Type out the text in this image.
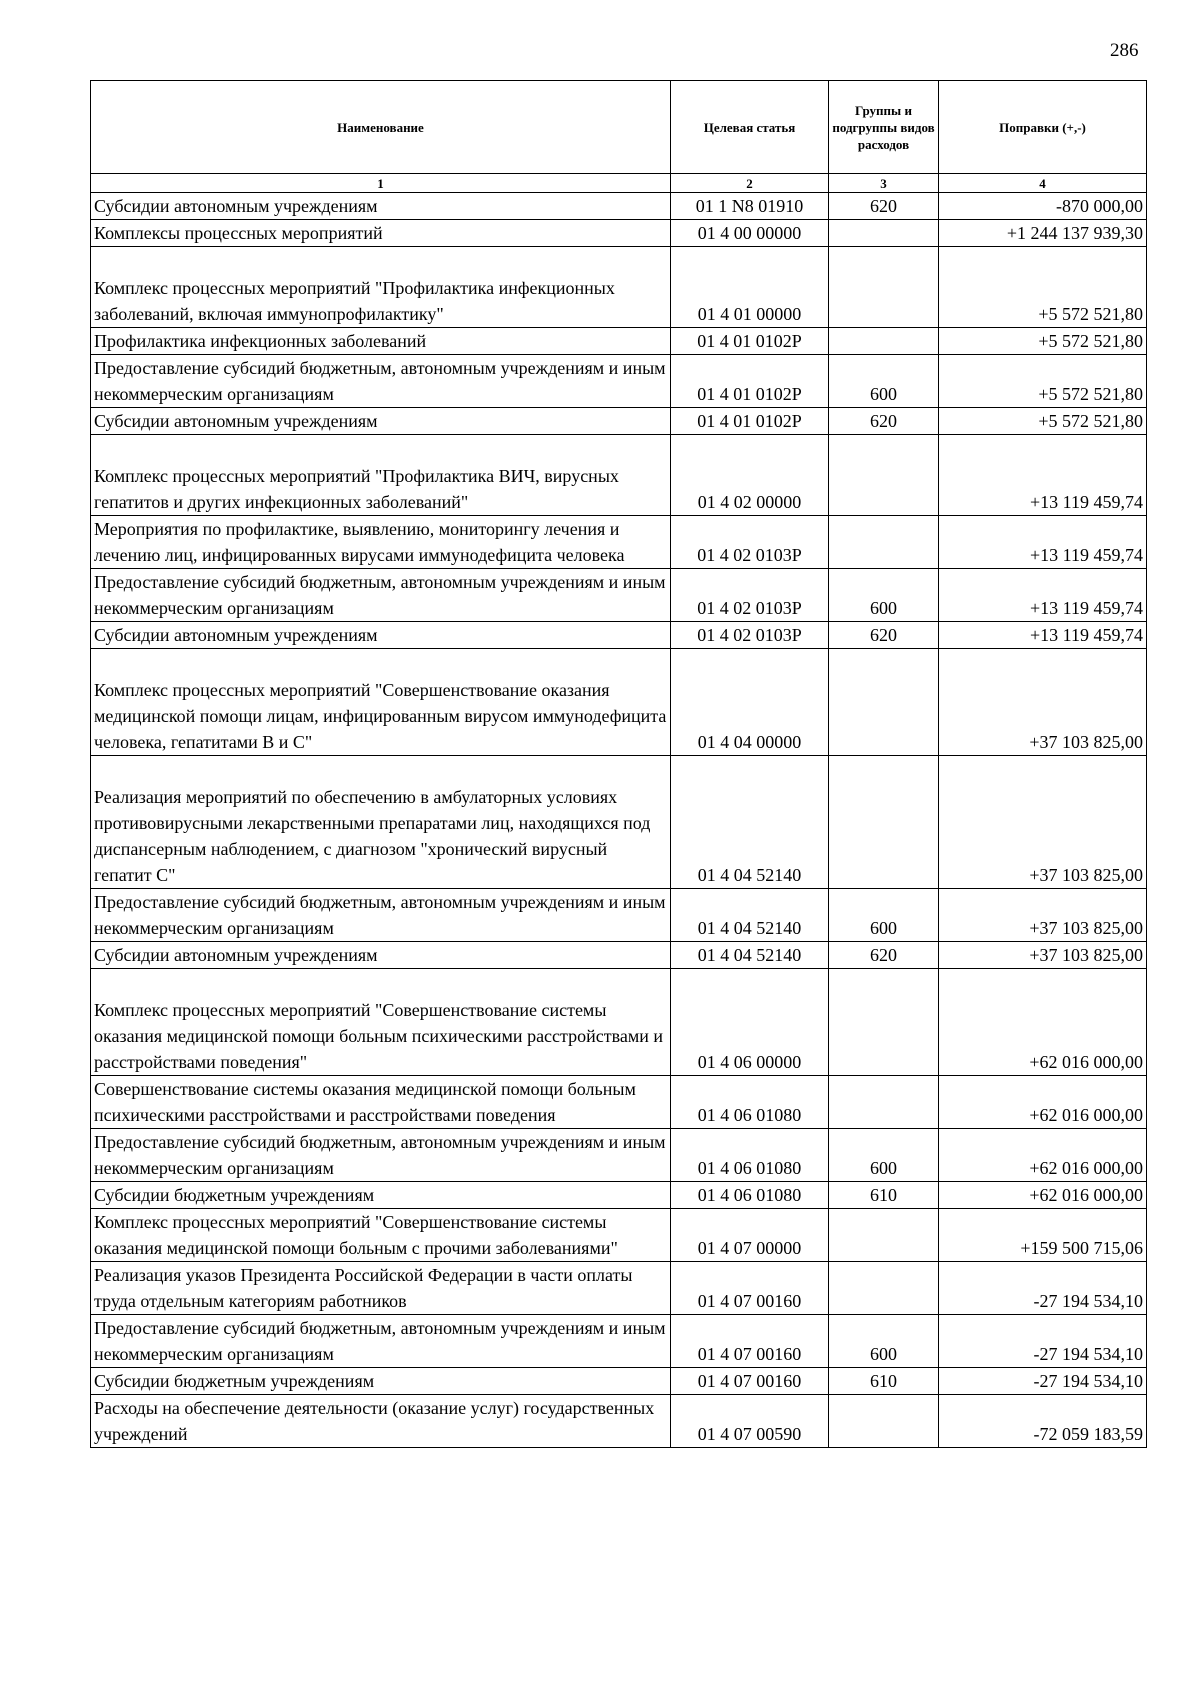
286
Наименование	Целевая статья	Группы и подгруппы видов расходов	Поправки (+,-)
1	2	3	4
Субсидии автономным учреждениям	01 1 N8 01910	620	-870 000,00
Комплексы процессных мероприятий	01 4 00 00000		+1 244 137 939,30
Комплекс процессных мероприятий "Профилактика инфекционных заболеваний, включая иммунопрофилактику"	01 4 01 00000		+5 572 521,80
Профилактика инфекционных заболеваний	01 4 01 0102Р		+5 572 521,80
Предоставление субсидий бюджетным, автономным учреждениям и иным некоммерческим организациям	01 4 01 0102Р	600	+5 572 521,80
Субсидии автономным учреждениям	01 4 01 0102Р	620	+5 572 521,80
Комплекс процессных мероприятий "Профилактика ВИЧ, вирусных гепатитов и других инфекционных заболеваний"	01 4 02 00000		+13 119 459,74
Мероприятия по профилактике, выявлению, мониторингу лечения и лечению лиц, инфицированных вирусами иммунодефицита человека	01 4 02 0103Р		+13 119 459,74
Предоставление субсидий бюджетным, автономным учреждениям и иным некоммерческим организациям	01 4 02 0103Р	600	+13 119 459,74
Субсидии автономным учреждениям	01 4 02 0103Р	620	+13 119 459,74
Комплекс процессных мероприятий "Совершенствование оказания медицинской помощи лицам, инфицированным вирусом иммунодефицита человека, гепатитами В и С"	01 4 04 00000		+37 103 825,00
Реализация мероприятий по обеспечению в амбулаторных условиях противовирусными лекарственными препаратами лиц, находящихся под диспансерным наблюдением, с диагнозом "хронический вирусный гепатит С"	01 4 04 52140		+37 103 825,00
Предоставление субсидий бюджетным, автономным учреждениям и иным некоммерческим организациям	01 4 04 52140	600	+37 103 825,00
Субсидии автономным учреждениям	01 4 04 52140	620	+37 103 825,00
Комплекс процессных мероприятий "Совершенствование системы оказания медицинской помощи больным психическими расстройствами и расстройствами поведения"	01 4 06 00000		+62 016 000,00
Совершенствование системы оказания медицинской помощи больным психическими расстройствами и расстройствами поведения	01 4 06 01080		+62 016 000,00
Предоставление субсидий бюджетным, автономным учреждениям и иным некоммерческим организациям	01 4 06 01080	600	+62 016 000,00
Субсидии бюджетным учреждениям	01 4 06 01080	610	+62 016 000,00
Комплекс процессных мероприятий "Совершенствование системы оказания медицинской помощи больным с прочими заболеваниями"	01 4 07 00000		+159 500 715,06
Реализация указов Президента Российской Федерации в части оплаты труда отдельным категориям работников	01 4 07 00160		-27 194 534,10
Предоставление субсидий бюджетным, автономным учреждениям и иным некоммерческим организациям	01 4 07 00160	600	-27 194 534,10
Субсидии бюджетным учреждениям	01 4 07 00160	610	-27 194 534,10
Расходы на обеспечение деятельности (оказание услуг) государственных учреждений	01 4 07 00590		-72 059 183,59
